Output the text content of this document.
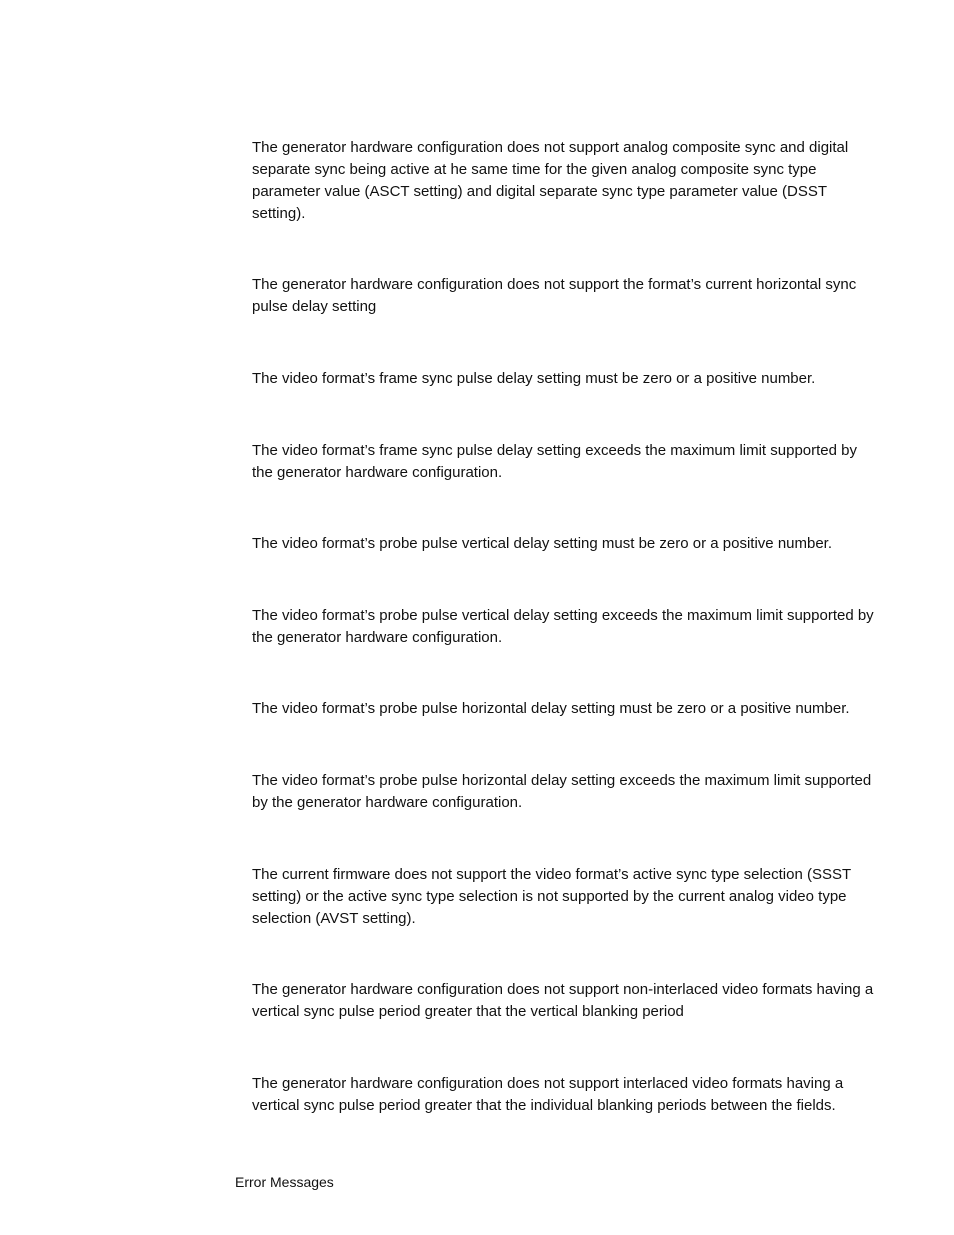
The generator hardware configuration does not support analog composite sync and digital separate sync being active at he same time for the given analog composite sync type parameter value (ASCT setting) and digital separate sync type parameter value (DSST setting).

The generator hardware configuration does not support the format’s current horizontal sync pulse delay setting

The video format’s frame sync pulse delay setting must be zero or a positive number.

The video format’s frame sync pulse delay setting exceeds the maximum limit supported by the generator hardware configuration.

The video format’s probe pulse vertical delay setting must be zero or a positive number.

The video format’s probe pulse vertical delay setting exceeds the maximum limit supported by the generator hardware configuration.

The video format’s probe pulse horizontal delay setting must be zero or a positive number.

The video format’s probe pulse horizontal delay setting exceeds the maximum limit supported by the generator hardware configuration.

The current firmware does not support the video format’s active sync type selection (SSST setting) or the active sync type selection is not supported by the current analog video type selection (AVST setting).

The generator hardware configuration does not support non-interlaced video formats having a vertical sync pulse period greater that the vertical blanking period

The generator hardware configuration does not support interlaced video formats having a vertical sync pulse period greater that the individual blanking periods between the fields.

Error Messages
